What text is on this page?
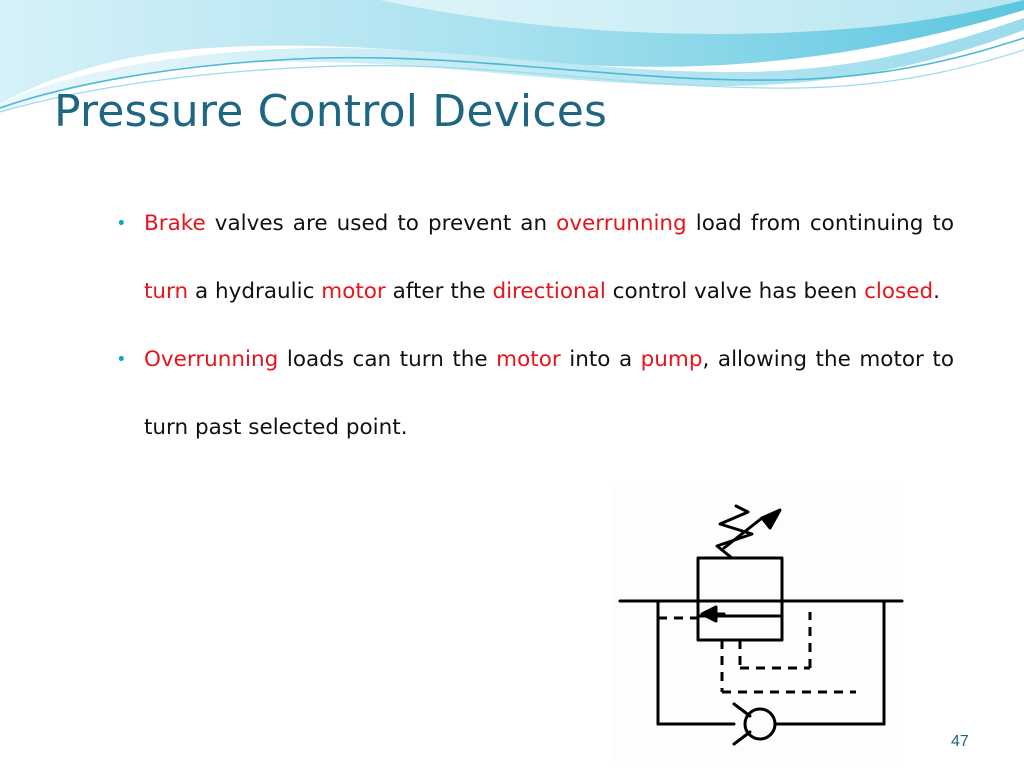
Pressure Control Devices

• Brake valves are used to prevent an overrunning load from continuing to turn a hydraulic motor after the directional control valve has been closed.

• Overrunning loads can turn the motor into a pump, allowing the motor to turn past selected point.

47
